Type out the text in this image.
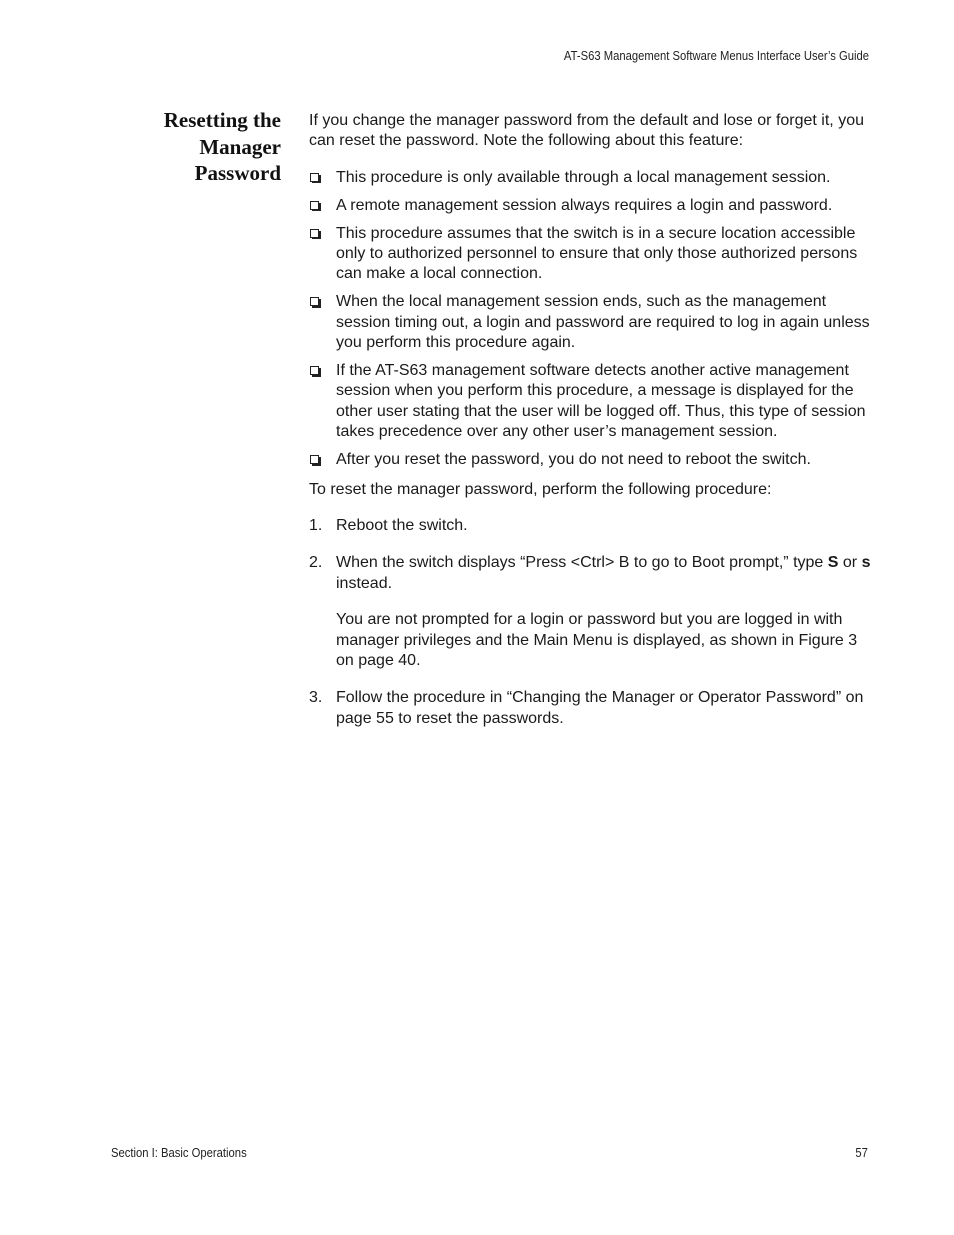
AT-S63 Management Software Menus Interface User’s Guide
Resetting the
Manager
Password

If you change the manager password from the default and lose or forget it, you can reset the password. Note the following about this feature:

This procedure is only available through a local management session.
A remote management session always requires a login and password.
This procedure assumes that the switch is in a secure location accessible only to authorized personnel to ensure that only those authorized persons can make a local connection.
When the local management session ends, such as the management session timing out, a login and password are required to log in again unless you perform this procedure again.
If the AT-S63 management software detects another active management session when you perform this procedure, a message is displayed for the other user stating that the user will be logged off. Thus, this type of session takes precedence over any other user’s management session.
After you reset the password, you do not need to reboot the switch.

To reset the manager password, perform the following procedure:

1. Reboot the switch.
2. When the switch displays “Press <Ctrl> B to go to Boot prompt,” type S or s instead.

You are not prompted for a login or password but you are logged in with manager privileges and the Main Menu is displayed, as shown in Figure 3 on page 40.

3. Follow the procedure in “Changing the Manager or Operator Password” on page 55 to reset the passwords.
Section I: Basic Operations	57
